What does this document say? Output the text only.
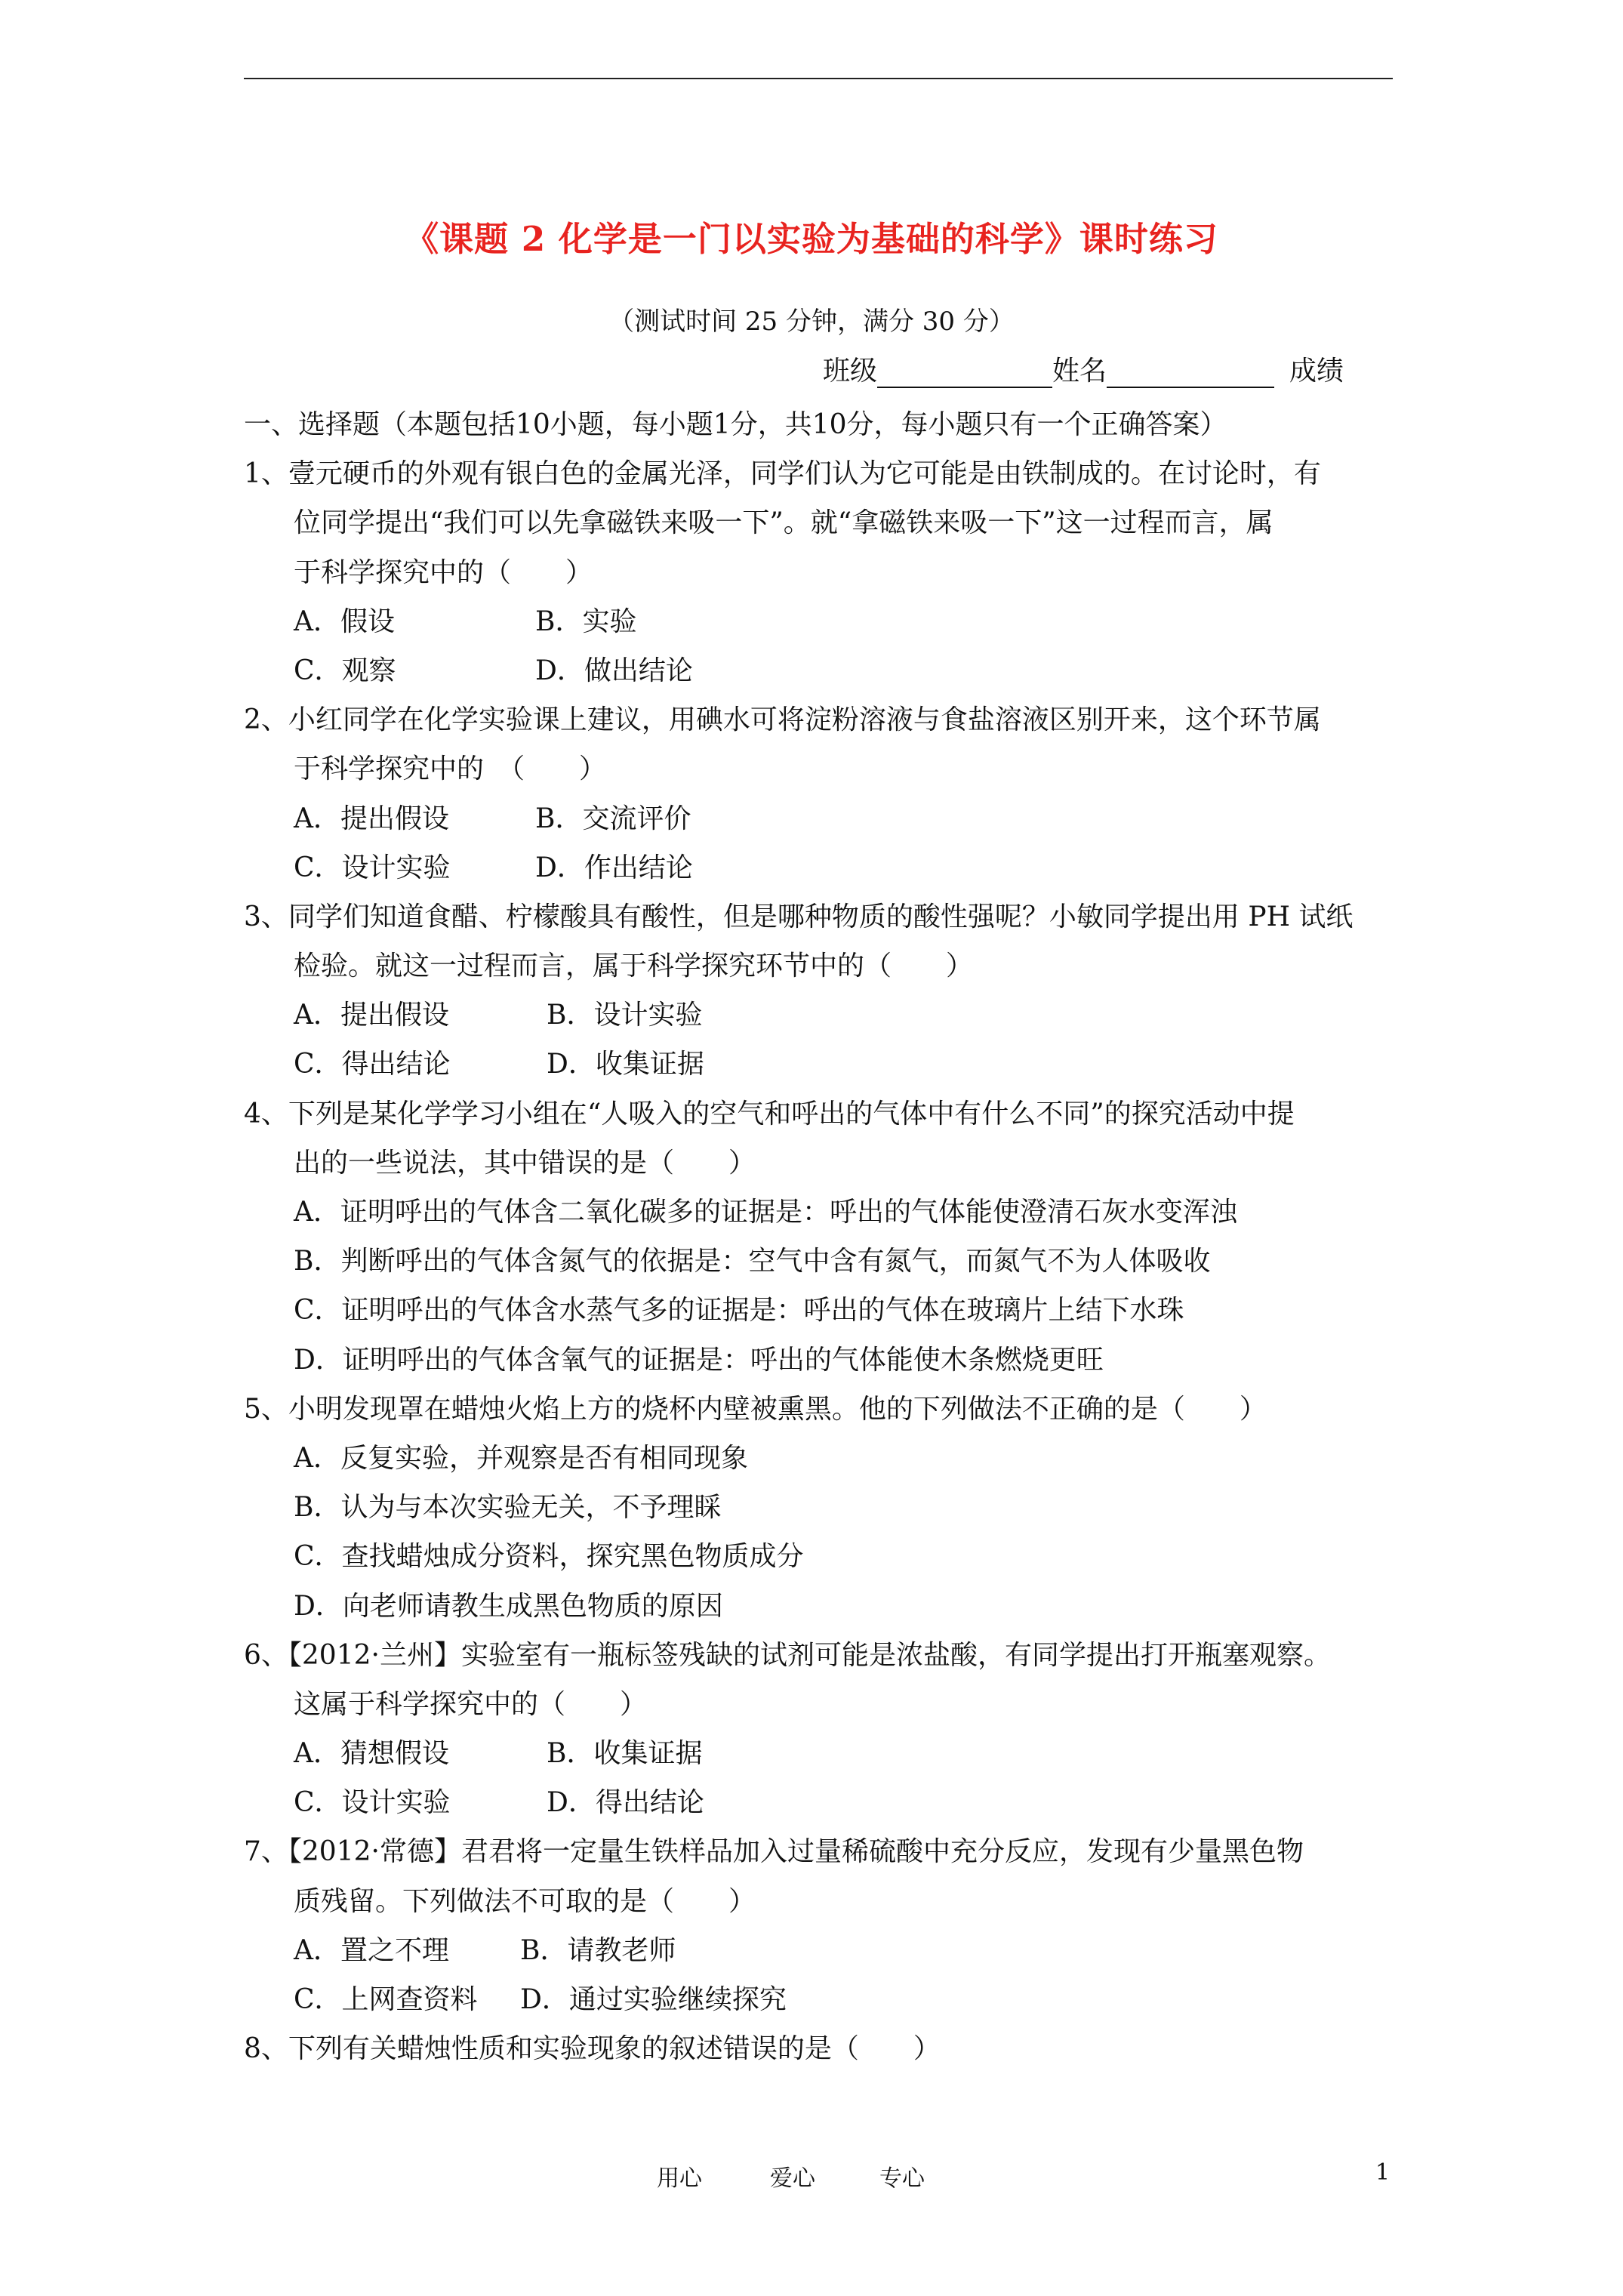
《课题 2 化学是一门以实验为基础的科学》课时练习
（测试时间 25 分钟，满分 30 分）
班级	姓名	成绩
一、选择题（本题包括10小题，每小题1分，共10分，每小题只有一个正确答案）
1、壹元硬币的外观有银白色的金属光泽，同学们认为它可能是由铁制成的。在讨论时，有
位同学提出“我们可以先拿磁铁来吸一下”。就“拿磁铁来吸一下”这一过程而言，属
于科学探究中的（　　）
A．假设	B．实验
C．观察	D．做出结论
2、小红同学在化学实验课上建议，用碘水可将淀粉溶液与食盐溶液区别开来，这个环节属
于科学探究中的　（　　）
A．提出假设	B．交流评价
C．设计实验	D．作出结论
3、同学们知道食醋、柠檬酸具有酸性，但是哪种物质的酸性强呢？小敏同学提出用 PH 试纸
检验。就这一过程而言，属于科学探究环节中的（　　）
A．提出假设	B．设计实验
C．得出结论	D．收集证据
4、下列是某化学学习小组在“人吸入的空气和呼出的气体中有什么不同”的探究活动中提
出的一些说法，其中错误的是（　　）
A．证明呼出的气体含二氧化碳多的证据是：呼出的气体能使澄清石灰水变浑浊
B．判断呼出的气体含氮气的依据是：空气中含有氮气，而氮气不为人体吸收
C．证明呼出的气体含水蒸气多的证据是：呼出的气体在玻璃片上结下水珠
D．证明呼出的气体含氧气的证据是：呼出的气体能使木条燃烧更旺
5、小明发现罩在蜡烛火焰上方的烧杯内壁被熏黑。他的下列做法不正确的是（　　）
A．反复实验，并观察是否有相同现象
B．认为与本次实验无关，不予理睬
C．查找蜡烛成分资料，探究黑色物质成分
D．向老师请教生成黑色物质的原因
6、【2012·兰州】实验室有一瓶标签残缺的试剂可能是浓盐酸，有同学提出打开瓶塞观察。
这属于科学探究中的（　　）
A．猜想假设	B．收集证据
C．设计实验	D．得出结论
7、【2012·常德】君君将一定量生铁样品加入过量稀硫酸中充分反应，发现有少量黑色物
质残留。下列做法不可取的是（　　）
A．置之不理	B．请教老师
C．上网查资料 D．通过实验继续探究
8、下列有关蜡烛性质和实验现象的叙述错误的是（　　）
用心	爱心	专心	1
